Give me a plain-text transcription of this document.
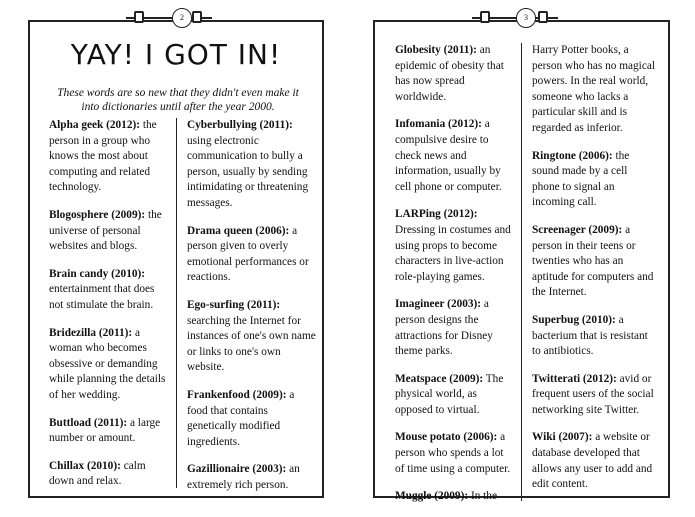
YAY! I GOT IN!
These words are so new that they didn't even make it into dictionaries until after the year 2000.
Alpha geek (2012): the person in a group who knows the most about computing and related technology.
Blogosphere (2009): the universe of personal websites and blogs.
Brain candy (2010): entertainment that does not stimulate the brain.
Bridezilla (2011): a woman who becomes obsessive or demanding while planning the details of her wedding.
Buttload (2011): a large number or amount.
Chillax (2010): calm down and relax.
Cyberbullying (2011): using electronic communication to bully a person, usually by sending intimidating or threatening messages.
Drama queen (2006): a person given to overly emotional performances or reactions.
Ego-surfing (2011): searching the Internet for instances of one's own name or links to one's own website.
Frankenfood (2009): a food that contains genetically modified ingredients.
Gazillionaire (2003): an extremely rich person.
2
Globesity (2011): an epidemic of obesity that has now spread worldwide.
Infomania (2012): a compulsive desire to check news and information, usually by cell phone or computer.
LARPing (2012): Dressing in costumes and using props to become characters in live-action role-playing games.
Imagineer (2003): a person designs the attractions for Disney theme parks.
Meatspace (2009): The physical world, as opposed to virtual.
Mouse potato (2006): a person who spends a lot of time using a computer.
Muggle (2009): In the
Harry Potter books, a person who has no magical powers. In the real world, someone who lacks a particular skill and is regarded as inferior.
Ringtone (2006): the sound made by a cell phone to signal an incoming call.
Screenager (2009): a person in their teens or twenties who has an aptitude for computers and the Internet.
Superbug (2010): a bacterium that is resistant to antibiotics.
Twitterati (2012): avid or frequent users of the social networking site Twitter.
Wiki (2007): a website or database developed that allows any user to add and edit content.
3
